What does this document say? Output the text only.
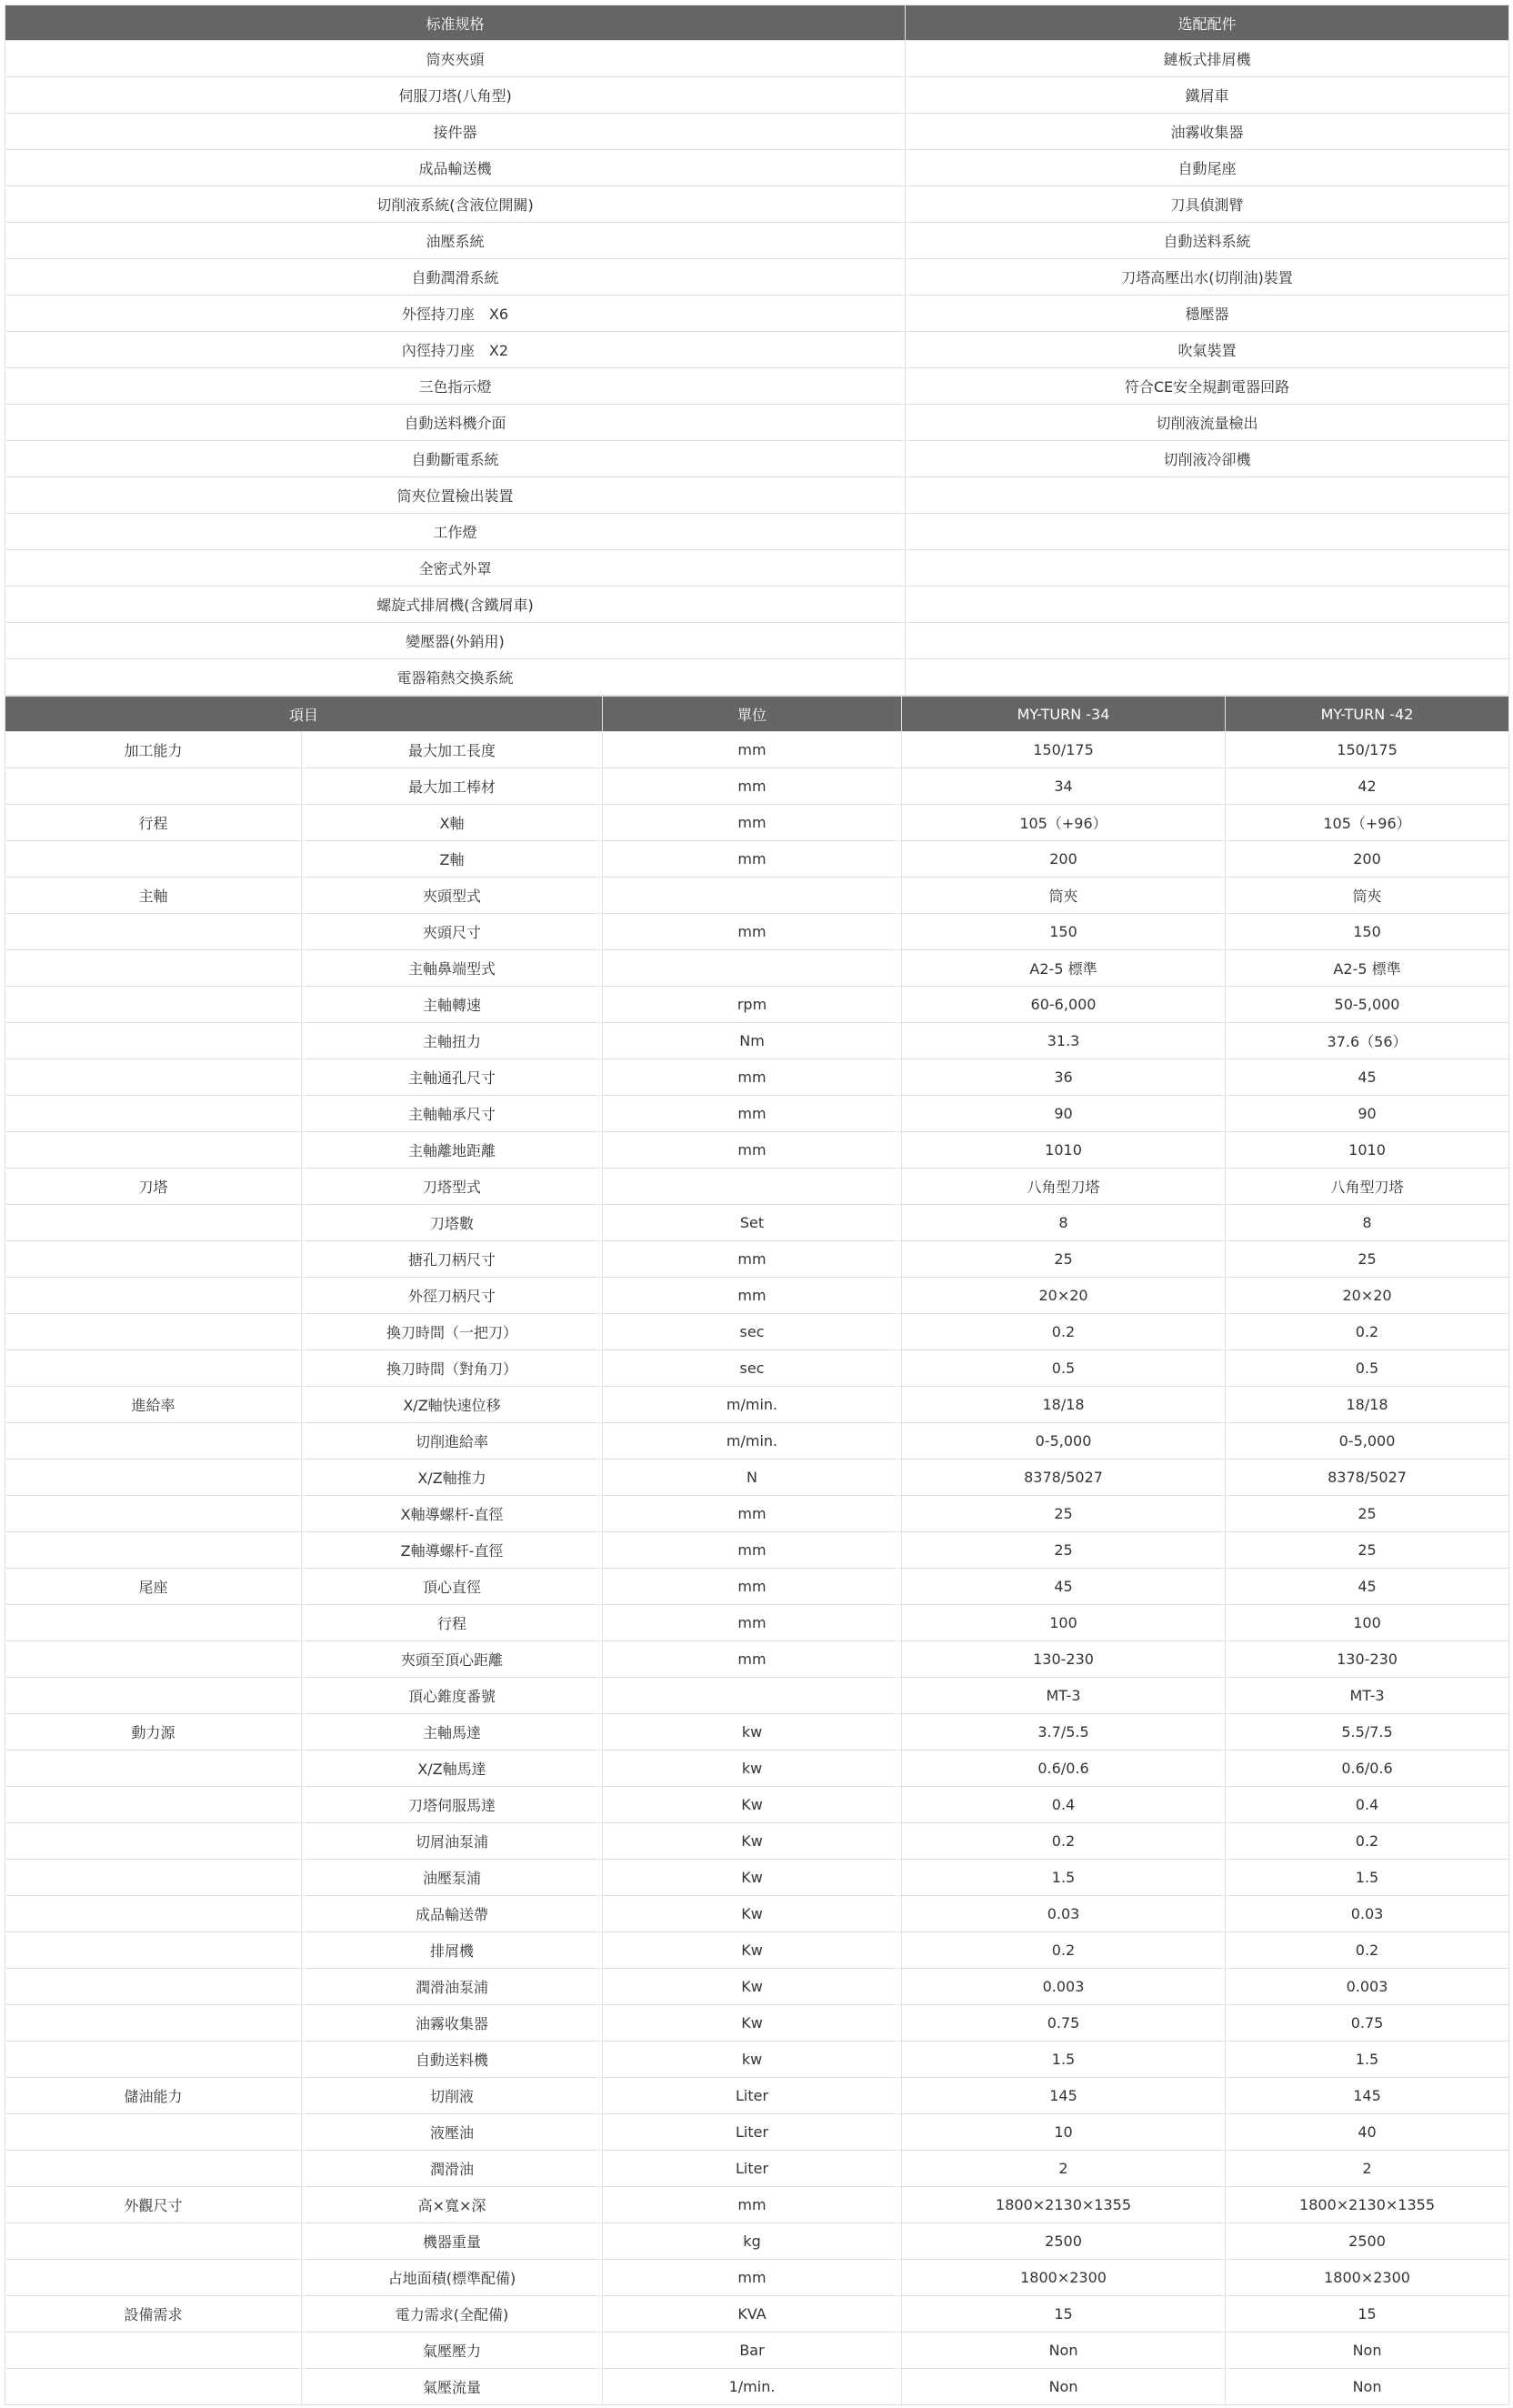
标准规格	选配配件
筒夾夾頭	鏈板式排屑機
伺服刀塔(八角型)	鐵屑車
接件器	油霧收集器
成品輸送機	自動尾座
切削液系統(含液位開關)	刀具偵測臂
油壓系統	自動送料系統
自動潤滑系統	刀塔高壓出水(切削油)裝置
外徑持刀座　X6	穩壓器
內徑持刀座　X2	吹氣裝置
三色指示燈	符合CE安全規劃電器回路
自動送料機介面	切削液流量檢出
自動斷電系統	切削液冷卻機
筒夾位置檢出裝置	
工作燈	
全密式外罩	
螺旋式排屑機(含鐵屑車)	
變壓器(外銷用)	
電器箱熱交換系統	
項目		單位	MY-TURN -34	MY-TURN -42
加工能力	最大加工長度	mm	150/175	150/175
	最大加工棒材	mm	34	42
行程	X軸	mm	105（+96）	105（+96）
	Z軸	mm	200	200
主軸	夾頭型式		筒夾	筒夾
	夾頭尺寸	mm	150	150
	主軸鼻端型式		A2-5 標準	A2-5 標準
	主軸轉速	rpm	60-6,000	50-5,000
	主軸扭力	Nm	31.3	37.6（56）
	主軸通孔尺寸	mm	36	45
	主軸軸承尺寸	mm	90	90
	主軸離地距離	mm	1010	1010
刀塔	刀塔型式		八角型刀塔	八角型刀塔
	刀塔數	Set	8	8
	搪孔刀柄尺寸	mm	25	25
	外徑刀柄尺寸	mm	20×20	20×20
	換刀時間（一把刀）	sec	0.2	0.2
	換刀時間（對角刀）	sec	0.5	0.5
進給率	X/Z軸快速位移	m/min.	18/18	18/18
	切削進給率	m/min.	0-5,000	0-5,000
	X/Z軸推力	N	8378/5027	8378/5027
	X軸導螺杆-直徑	mm	25	25
	Z軸導螺杆-直徑	mm	25	25
尾座	頂心直徑	mm	45	45
	行程	mm	100	100
	夾頭至頂心距離	mm	130-230	130-230
	頂心錐度番號		MT-3	MT-3
動力源	主軸馬達	kw	3.7/5.5	5.5/7.5
	X/Z軸馬達	kw	0.6/0.6	0.6/0.6
	刀塔伺服馬達	Kw	0.4	0.4
	切屑油泵浦	Kw	0.2	0.2
	油壓泵浦	Kw	1.5	1.5
	成品輸送帶	Kw	0.03	0.03
	排屑機	Kw	0.2	0.2
	潤滑油泵浦	Kw	0.003	0.003
	油霧收集器	Kw	0.75	0.75
	自動送料機	kw	1.5	1.5
儲油能力	切削液	Liter	145	145
	液壓油	Liter	10	40
	潤滑油	Liter	2	2
外觀尺寸	高×寬×深	mm	1800×2130×1355	1800×2130×1355
	機器重量	kg	2500	2500
	占地面積(標準配備)	mm	1800×2300	1800×2300
設備需求	電力需求(全配備)	KVA	15	15
	氣壓壓力	Bar	Non	Non
	氣壓流量	1/min.	Non	Non
